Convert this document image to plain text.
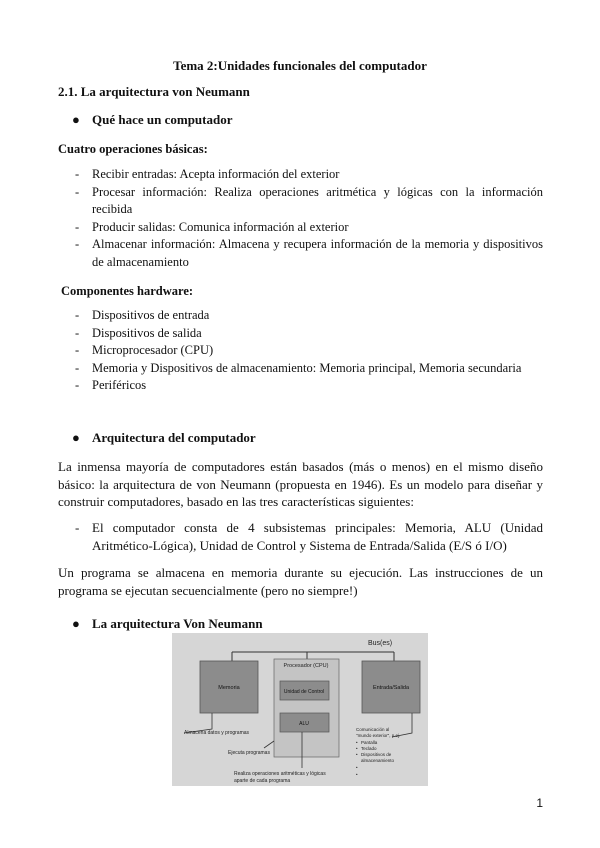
Tema 2:Unidades funcionales del computador
2.1. La arquitectura von Neumann
● Qué hace un computador
Cuatro operaciones básicas:
- Recibir entradas: Acepta información del exterior
- Procesar información: Realiza operaciones aritmética y lógicas con la información recibida
- Producir salidas: Comunica información al exterior
- Almacenar información: Almacena y recupera información de la memoria y dispositivos de almacenamiento
Componentes hardware:
- Dispositivos de entrada
- Dispositivos de salida
- Microprocesador (CPU)
- Memoria y Dispositivos de almacenamiento: Memoria principal, Memoria secundaria
- Periféricos
● Arquitectura del computador
La inmensa mayoría de computadores están basados (más o menos) en el mismo diseño básico: la arquitectura de von Neumann (propuesta en 1946). Es un modelo para diseñar y construir computadores, basado en las tres características siguientes:
- El computador consta de 4 subsistemas principales: Memoria, ALU (Unidad Aritmético-Lógica), Unidad de Control y Sistema de Entrada/Salida (E/S ó I/O)
Un programa se almacena en memoria durante su ejecución. Las instrucciones de un programa se ejecutan secuencialmente (pero no siempre!)
● La arquitectura Von Neumann
Bus(es)
Memoria
Procesador (CPU)
Unidad de Control
ALU
Entrada/Salida
Almacena datos y programas
Ejecuta programas
Realiza operaciones aritméticas y lógicas
aparte de cada programa
Comunicación al
"mundo exterior", p.ej.
• Pantalla
• Teclado
• Dispositivos de
almacenamiento
•
•
1
